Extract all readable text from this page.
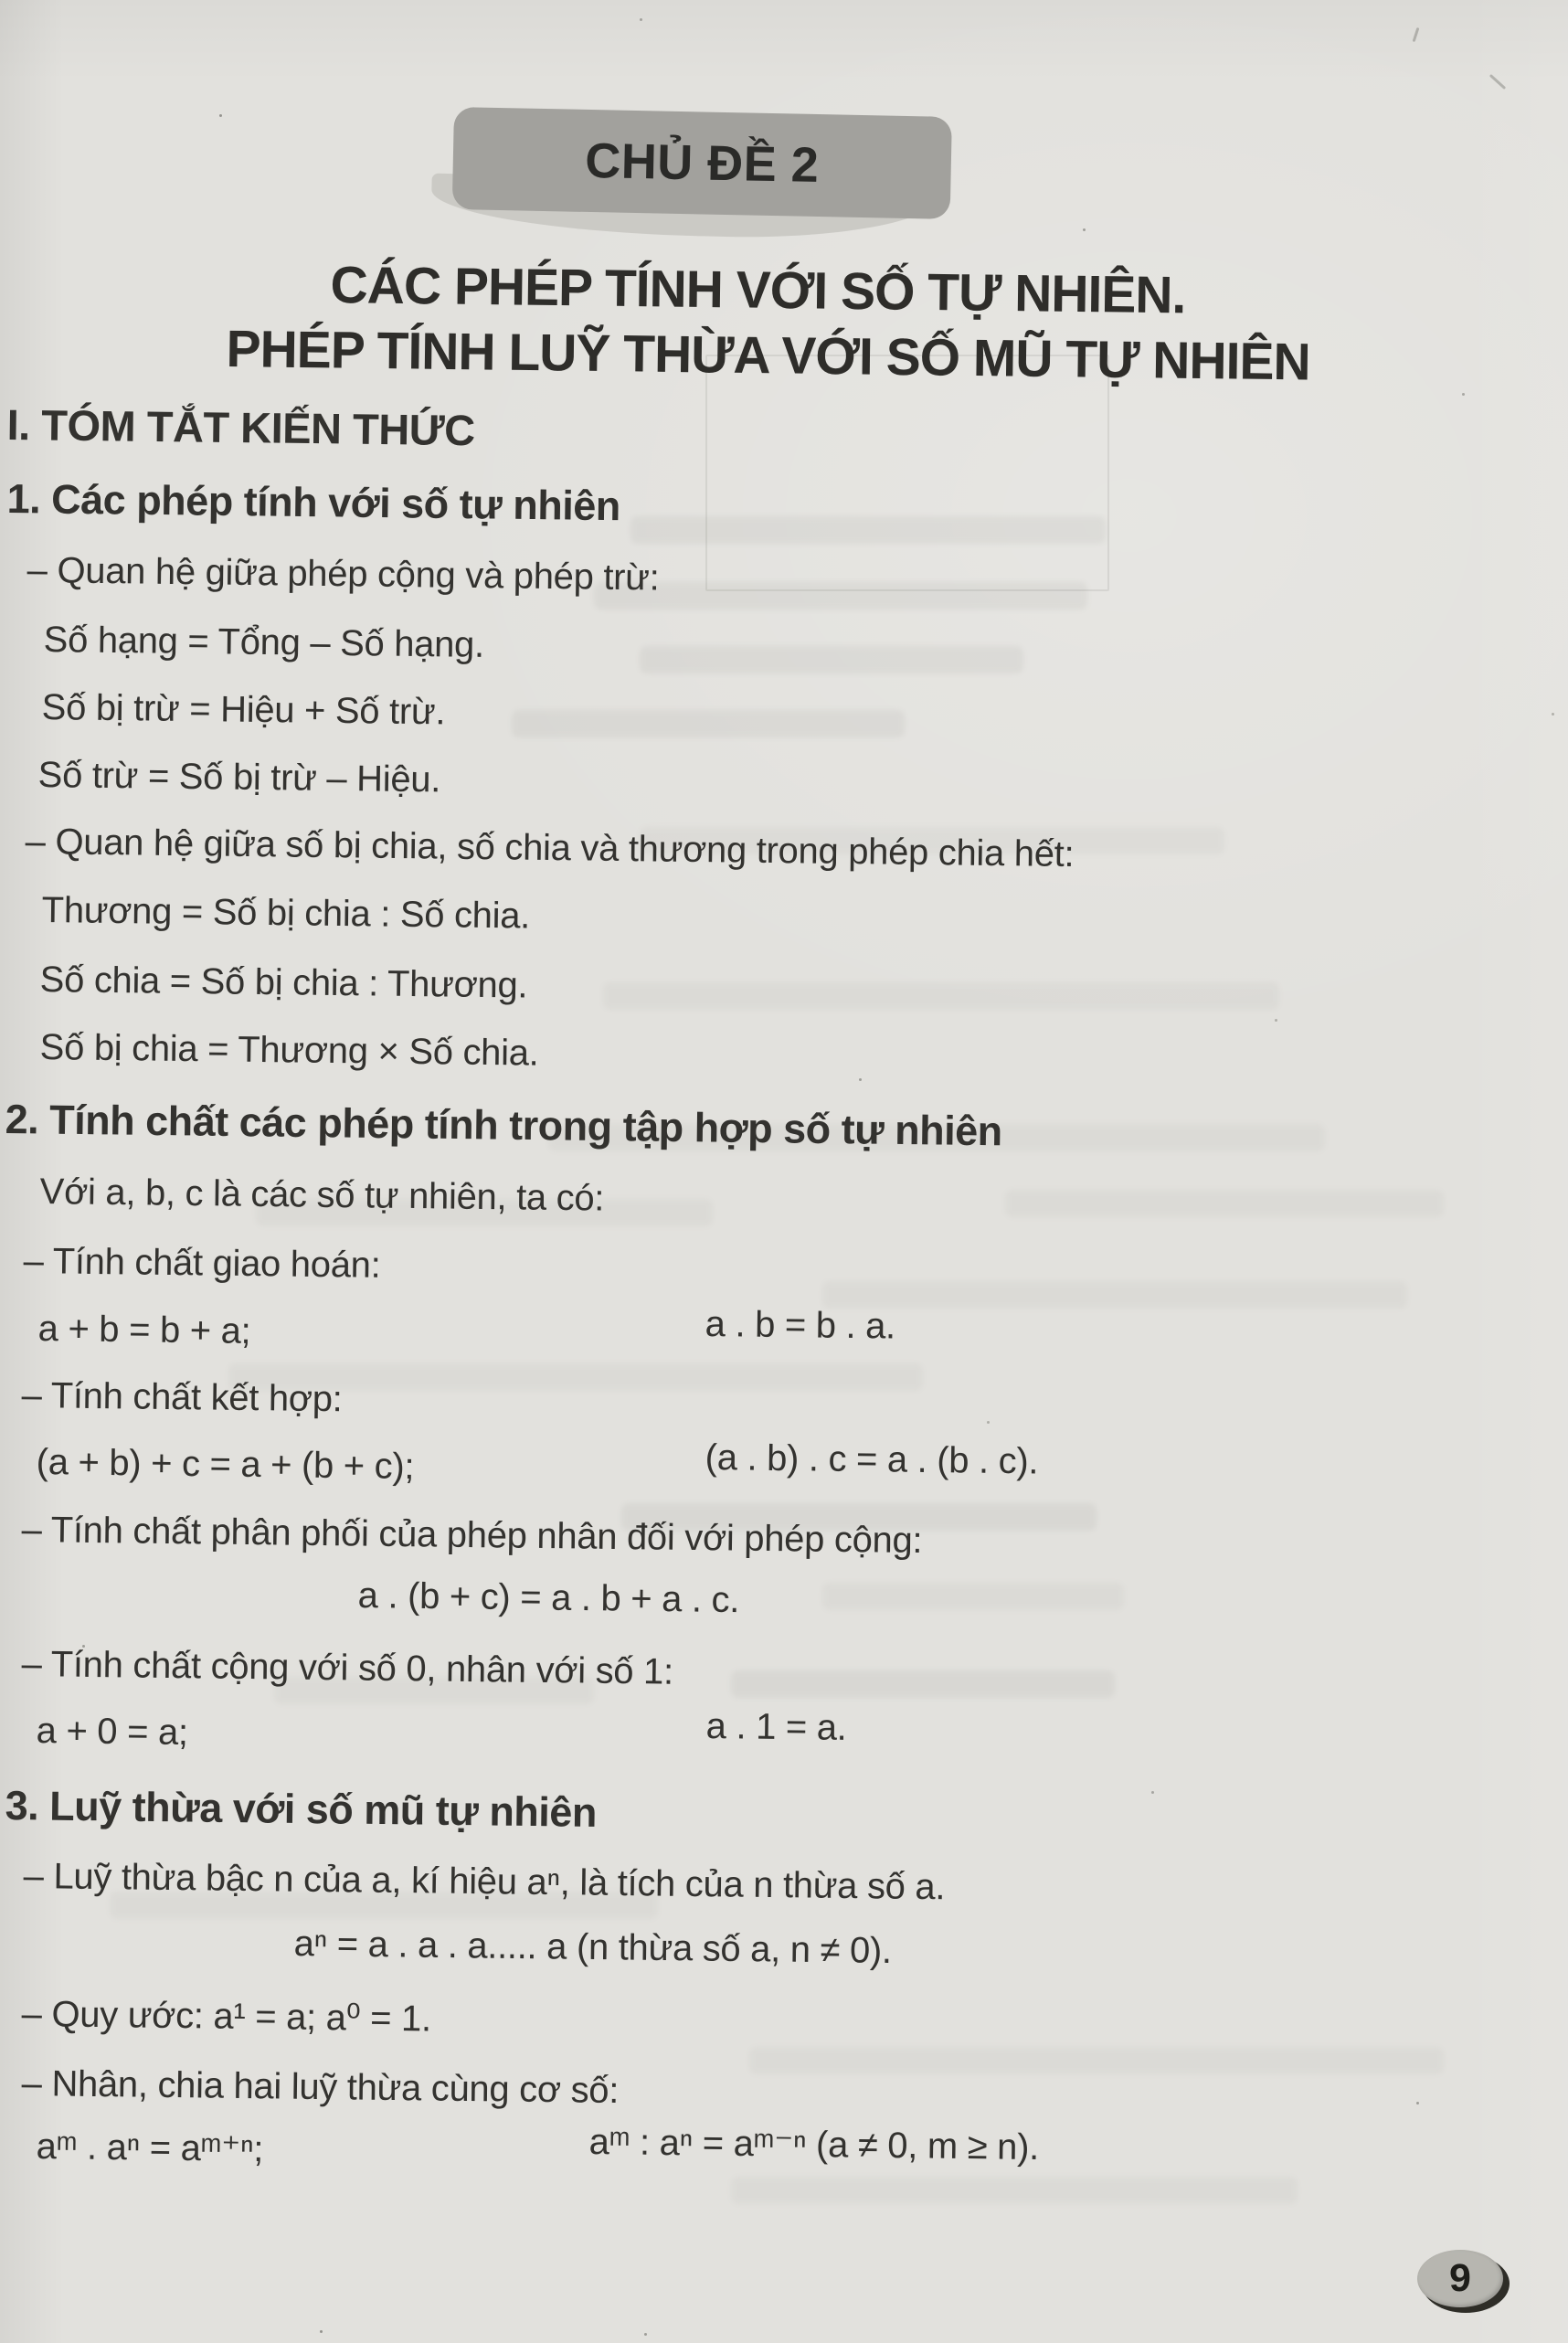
CHỦ ĐỀ 2
CÁC PHÉP TÍNH VỚI SỐ TỰ NHIÊN.
PHÉP TÍNH LUỸ THỪA VỚI SỐ MŨ TỰ NHIÊN
I. TÓM TẮT KIẾN THỨC
1. Các phép tính với số tự nhiên
– Quan hệ giữa phép cộng và phép trừ:
Số hạng = Tổng – Số hạng.
Số bị trừ = Hiệu + Số trừ.
Số trừ = Số bị trừ – Hiệu.
– Quan hệ giữa số bị chia, số chia và thương trong phép chia hết:
Thương = Số bị chia : Số chia.
Số chia = Số bị chia : Thương.
Số bị chia = Thương × Số chia.
2. Tính chất các phép tính trong tập hợp số tự nhiên
Với a, b, c là các số tự nhiên, ta có:
– Tính chất giao hoán:
a + b = b + a;	a . b = b . a.
– Tính chất kết hợp:
(a + b) + c = a + (b + c);	(a . b) . c = a . (b . c).
– Tính chất phân phối của phép nhân đối với phép cộng:
a . (b + c) = a . b + a . c.
– Tính chất cộng với số 0, nhân với số 1:
a + 0 = a;	a . 1 = a.
3. Luỹ thừa với số mũ tự nhiên
– Luỹ thừa bậc n của a, kí hiệu aⁿ, là tích của n thừa số a.
aⁿ = a . a . a..... a (n thừa số a, n ≠ 0).
– Quy ước: a¹ = a; a⁰ = 1.
– Nhân, chia hai luỹ thừa cùng cơ số:
aᵐ . aⁿ = aᵐ⁺ⁿ;	aᵐ : aⁿ = aᵐ⁻ⁿ (a ≠ 0, m ≥ n).
9
